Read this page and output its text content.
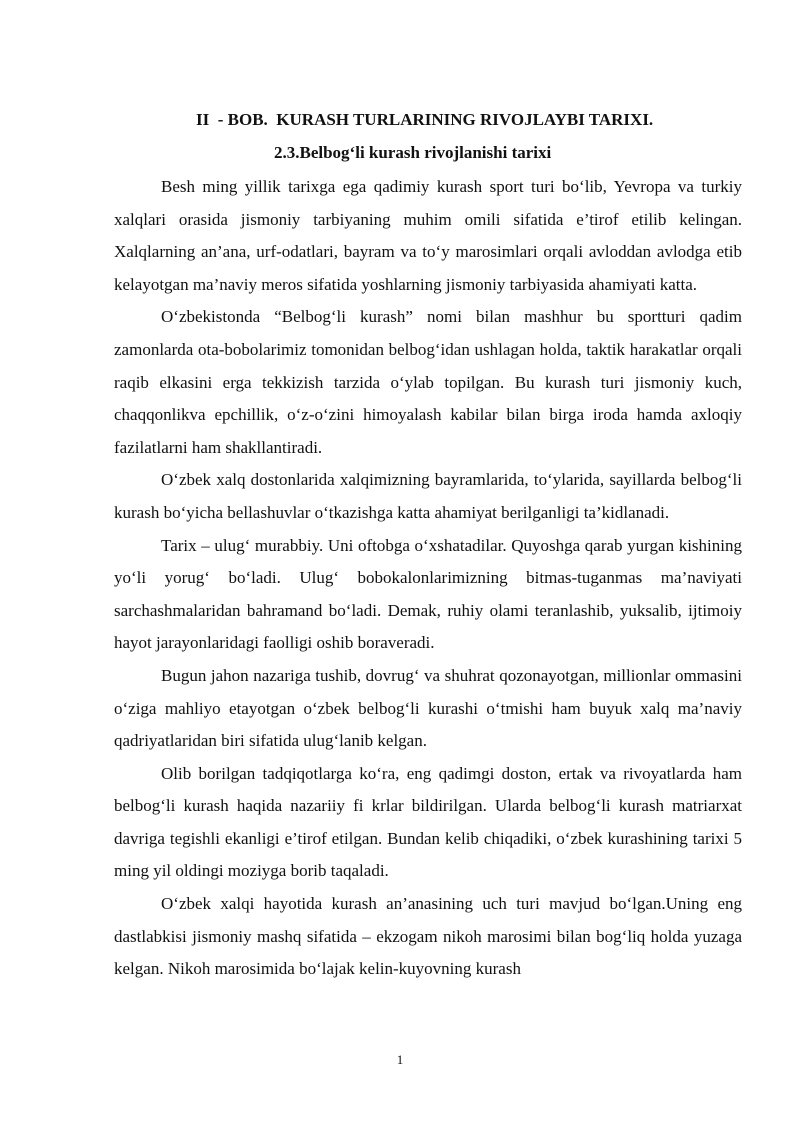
II  - BOB.  KURASH TURLARINING RIVOJLAYBI TARIXI.
2.3.Belbog‘li kurash rivojlanishi tarixi

Besh ming yillik tarixga ega qadimiy kurash sport turi bo‘lib, Yevropa va turkiy xalqlari orasida jismoniy tarbiyaning muhim omili sifatida e’tirof etilib kelingan. Xalqlarning an’ana, urf-odatlari, bayram va to‘y marosimlari orqali avloddan avlodga etib kelayotgan ma’naviy meros sifatida yoshlarning jismoniy tarbiyasida ahamiyati katta.

O‘zbekistonda “Belbog‘li kurash” nomi bilan mashhur bu sportturi qadim zamonlarda ota-bobolarimiz tomonidan belbog‘idan ushlagan holda, taktik harakatlar orqali raqib elkasini erga tekkizish tarzida o‘ylab topilgan. Bu kurash turi jismoniy kuch, chaqqonlikva epchillik, o‘z-o‘zini himoyalash kabilar bilan birga iroda hamda axloqiy fazilatlarni ham shakllantiradi.

O‘zbek xalq dostonlarida xalqimizning bayramlarida, to‘ylarida, sayillarda belbog‘li kurash bo‘yicha bellashuvlar o‘tkazishga katta ahamiyat berilganligi ta’kidlanadi.

Tarix – ulug‘ murabbiy. Uni oftobga o‘xshatadilar. Quyoshga qarab yurgan kishining yo‘li yorug‘ bo‘ladi. Ulug‘ bobokalonlarimizning bitmas-tuganmas ma’naviyati sarchashmalaridan bahramand bo‘ladi. Demak, ruhiy olami teranlashib, yuksalib, ijtimoiy hayot jarayonlaridagi faolligi oshib boraveradi.

Bugun jahon nazariga tushib, dovrug‘ va shuhrat qozonayotgan, millionlar ommasini o‘ziga mahliyo etayotgan o‘zbek belbog‘li kurashi o‘tmishi ham buyuk xalq ma’naviy qadriyatlaridan biri sifatida ulug‘lanib kelgan.

Olib borilgan tadqiqotlarga ko‘ra, eng qadimgi doston, ertak va rivoyatlarda ham belbog‘li kurash haqida nazariiy fi krlar bildirilgan. Ularda belbog‘li kurash matriarxat davriga tegishli ekanligi e’tirof etilgan. Bundan kelib chiqadiki, o‘zbek kurashining tarixi 5 ming yil oldingi moziyga borib taqaladi.

O‘zbek xalqi hayotida kurash an’anasining uch turi mavjud bo‘lgan.Uning eng dastlabkisi jismoniy mashq sifatida – ekzogam nikoh marosimi bilan bog‘liq holda yuzaga kelgan. Nikoh marosimida bo‘lajak kelin-kuyovning kurash

1
